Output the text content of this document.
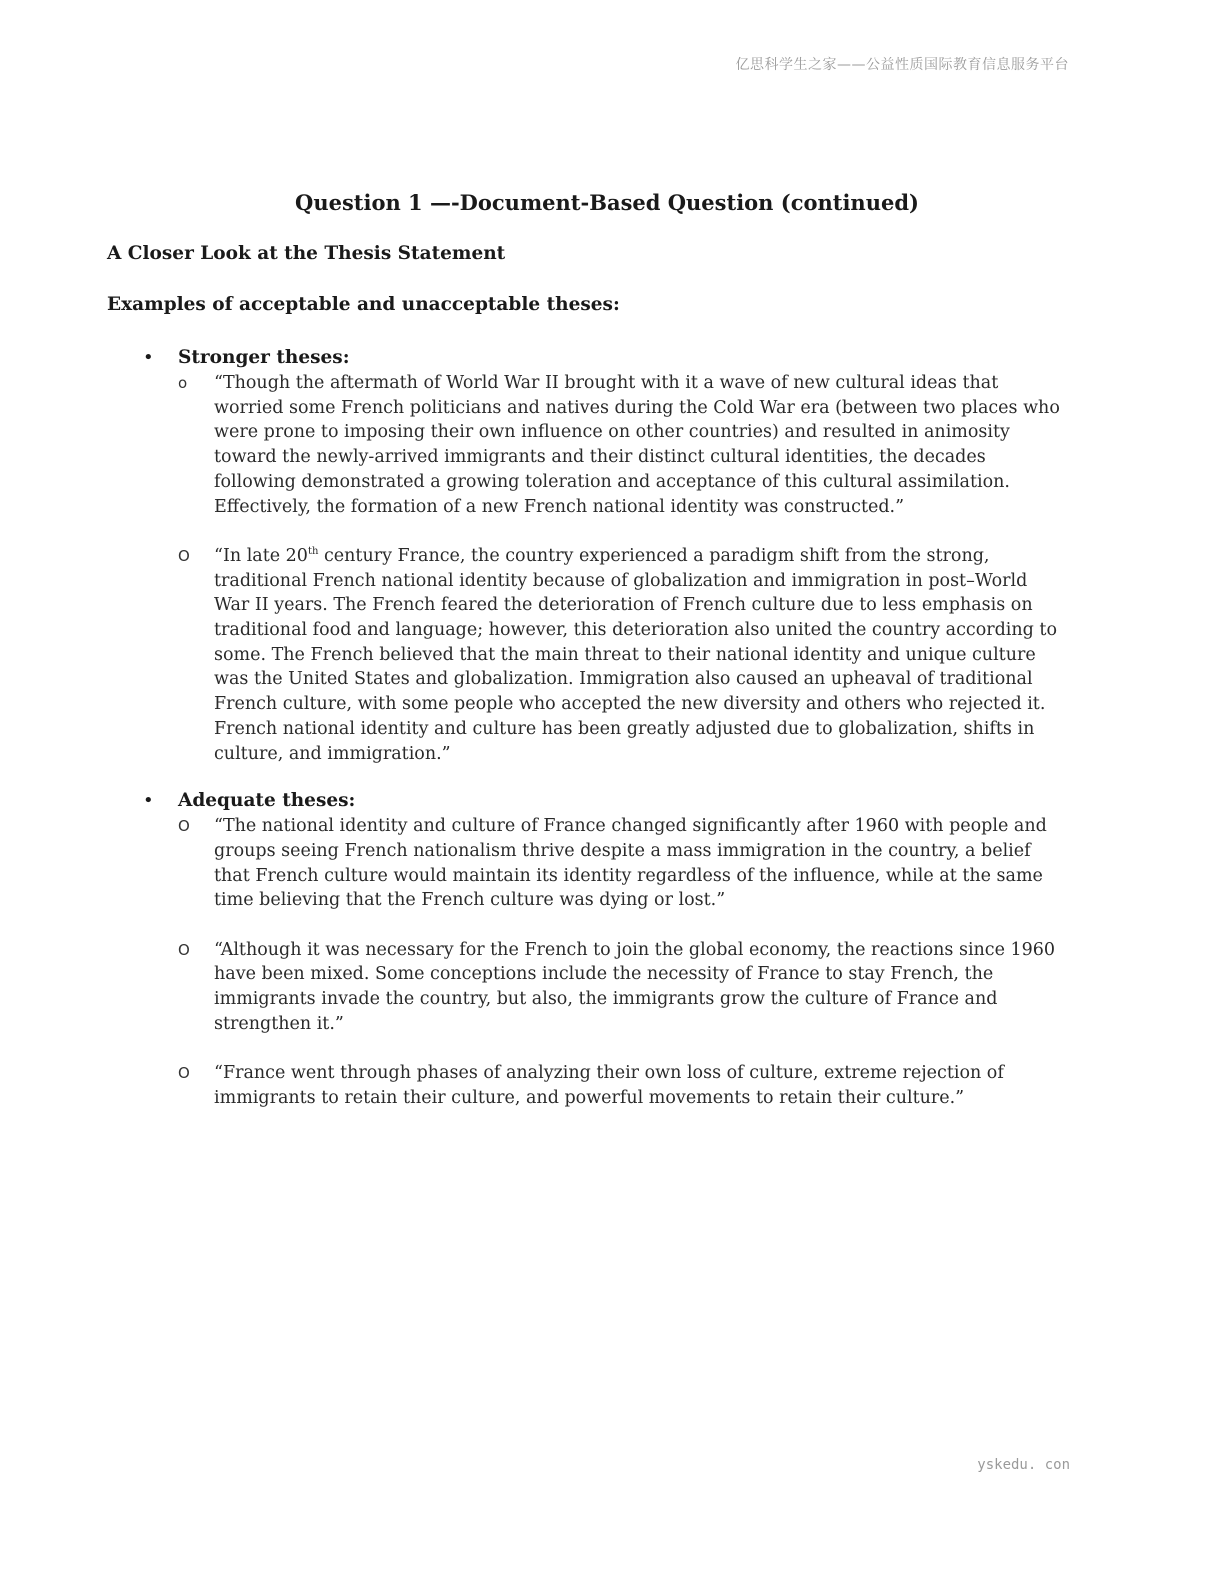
亿思科学生之家——公益性质国际教育信息服务平台
Question 1 —-Document-Based Question (continued)
A Closer Look at the Thesis Statement
Examples of acceptable and unacceptable theses:
• Stronger theses:
o “Though the aftermath of World War II brought with it a wave of new cultural ideas that
worried some French politicians and natives during the Cold War era (between two places who
were prone to imposing their own influence on other countries) and resulted in animosity
toward the newly-arrived immigrants and their distinct cultural identities, the decades
following demonstrated a growing toleration and acceptance of this cultural assimilation.
Effectively, the formation of a new French national identity was constructed.”
O “In late 20th century France, the country experienced a paradigm shift from the strong,
traditional French national identity because of globalization and immigration in post–World
War II years. The French feared the deterioration of French culture due to less emphasis on
traditional food and language; however, this deterioration also united the country according to
some. The French believed that the main threat to their national identity and unique culture
was the United States and globalization. Immigration also caused an upheaval of traditional
French culture, with some people who accepted the new diversity and others who rejected it.
French national identity and culture has been greatly adjusted due to globalization, shifts in
culture, and immigration.”
• Adequate theses:
O “The national identity and culture of France changed significantly after 1960 with people and
groups seeing French nationalism thrive despite a mass immigration in the country, a belief
that French culture would maintain its identity regardless of the influence, while at the same
time believing that the French culture was dying or lost.”
O “Although it was necessary for the French to join the global economy, the reactions since 1960
have been mixed. Some conceptions include the necessity of France to stay French, the
immigrants invade the country, but also, the immigrants grow the culture of France and
strengthen it.”
O “France went through phases of analyzing their own loss of culture, extreme rejection of
immigrants to retain their culture, and powerful movements to retain their culture.”
yskedu. con
